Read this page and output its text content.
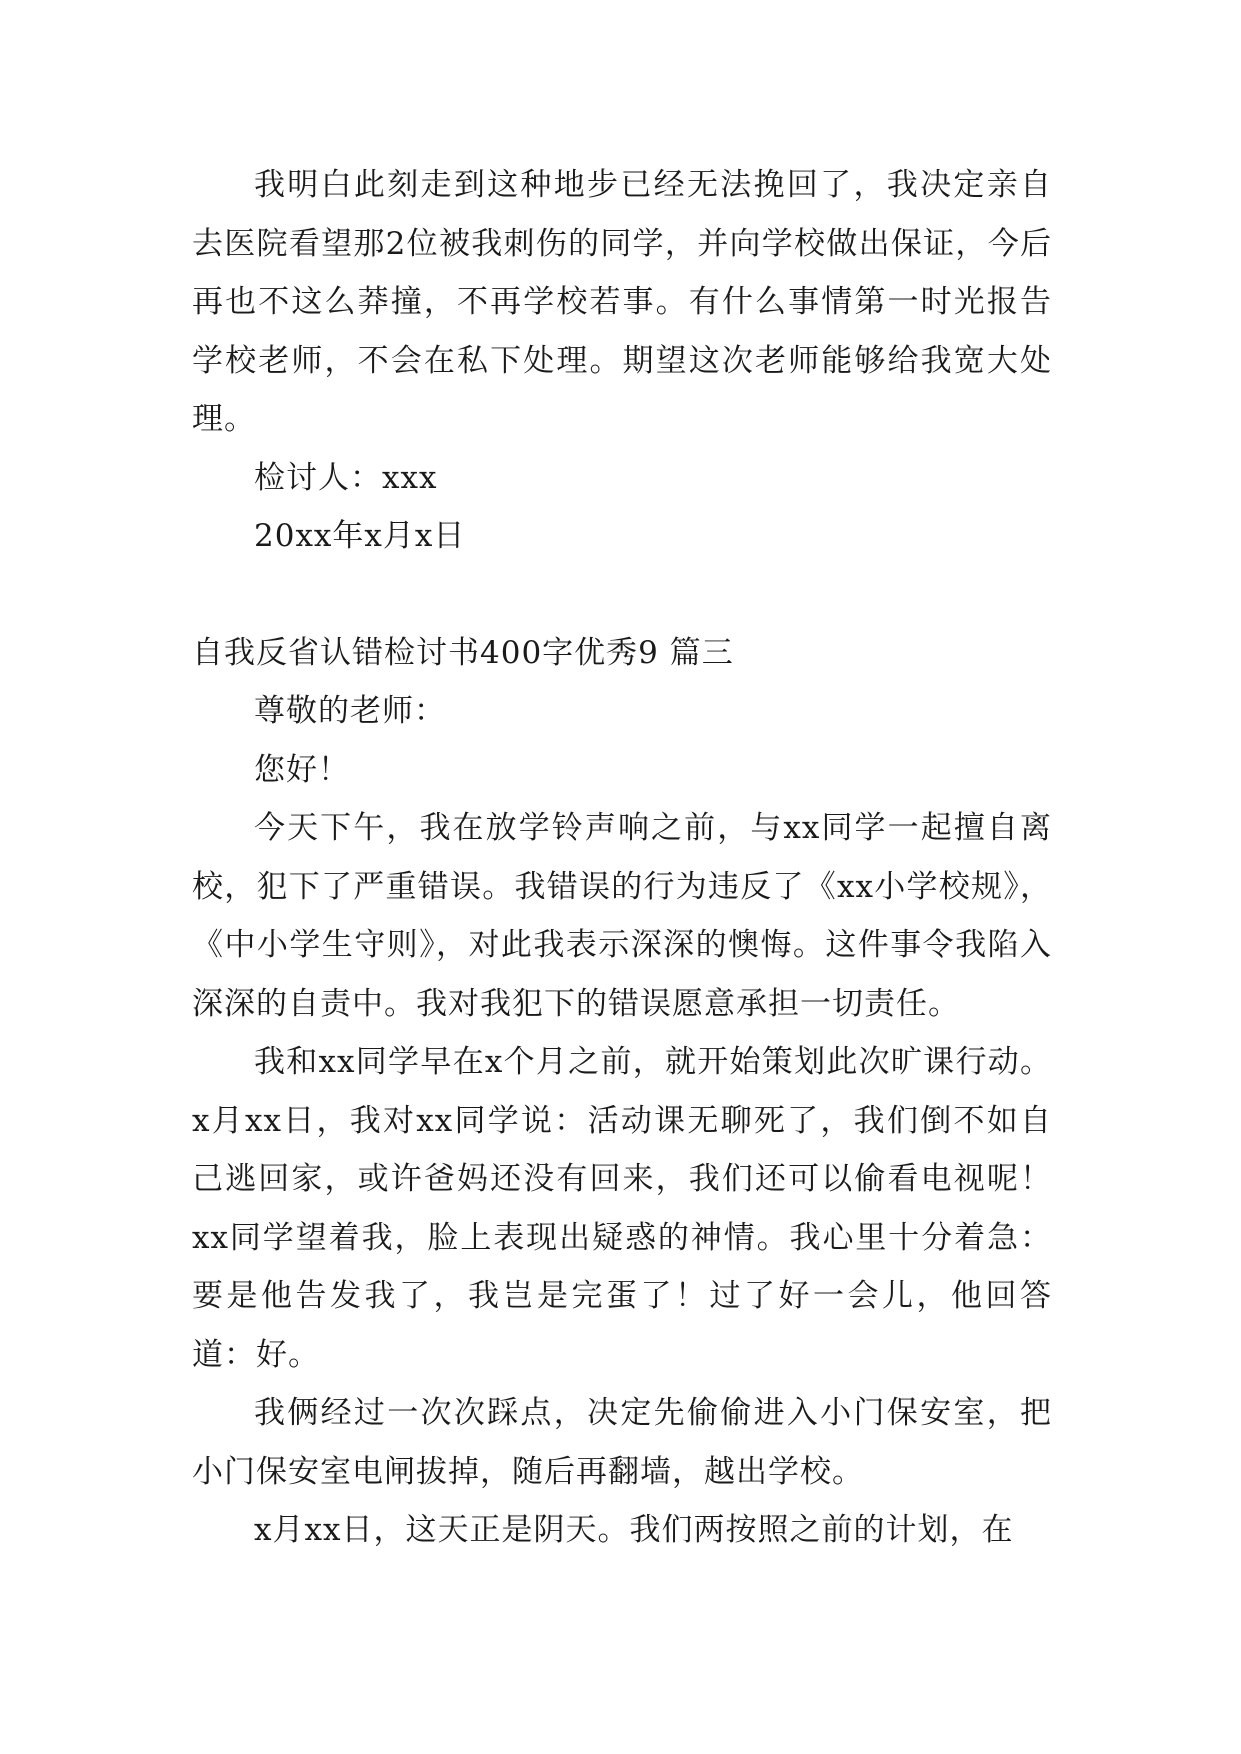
我明白此刻走到这种地步已经无法挽回了，我决定亲自去医院看望那2位被我刺伤的同学，并向学校做出保证，今后再也不这么莽撞，不再学校若事。有什么事情第一时光报告学校老师，不会在私下处理。期望这次老师能够给我宽大处理。

检讨人：xxx

20xx年x月x日

自我反省认错检讨书400字优秀9 篇三

尊敬的老师：

您好！

今天下午，我在放学铃声响之前，与xx同学一起擅自离校，犯下了严重错误。我错误的行为违反了《xx小学校规》，《中小学生守则》，对此我表示深深的懊悔。这件事令我陷入深深的自责中。我对我犯下的错误愿意承担一切责任。

我和xx同学早在x个月之前，就开始策划此次旷课行动。x月xx日，我对xx同学说：活动课无聊死了，我们倒不如自己逃回家，或许爸妈还没有回来，我们还可以偷看电视呢！xx同学望着我，脸上表现出疑惑的神情。我心里十分着急：要是他告发我了，我岂是完蛋了！过了好一会儿，他回答道：好。

我俩经过一次次踩点，决定先偷偷进入小门保安室，把小门保安室电闸拔掉，随后再翻墙，越出学校。

x月xx日，这天正是阴天。我们两按照之前的计划，在
